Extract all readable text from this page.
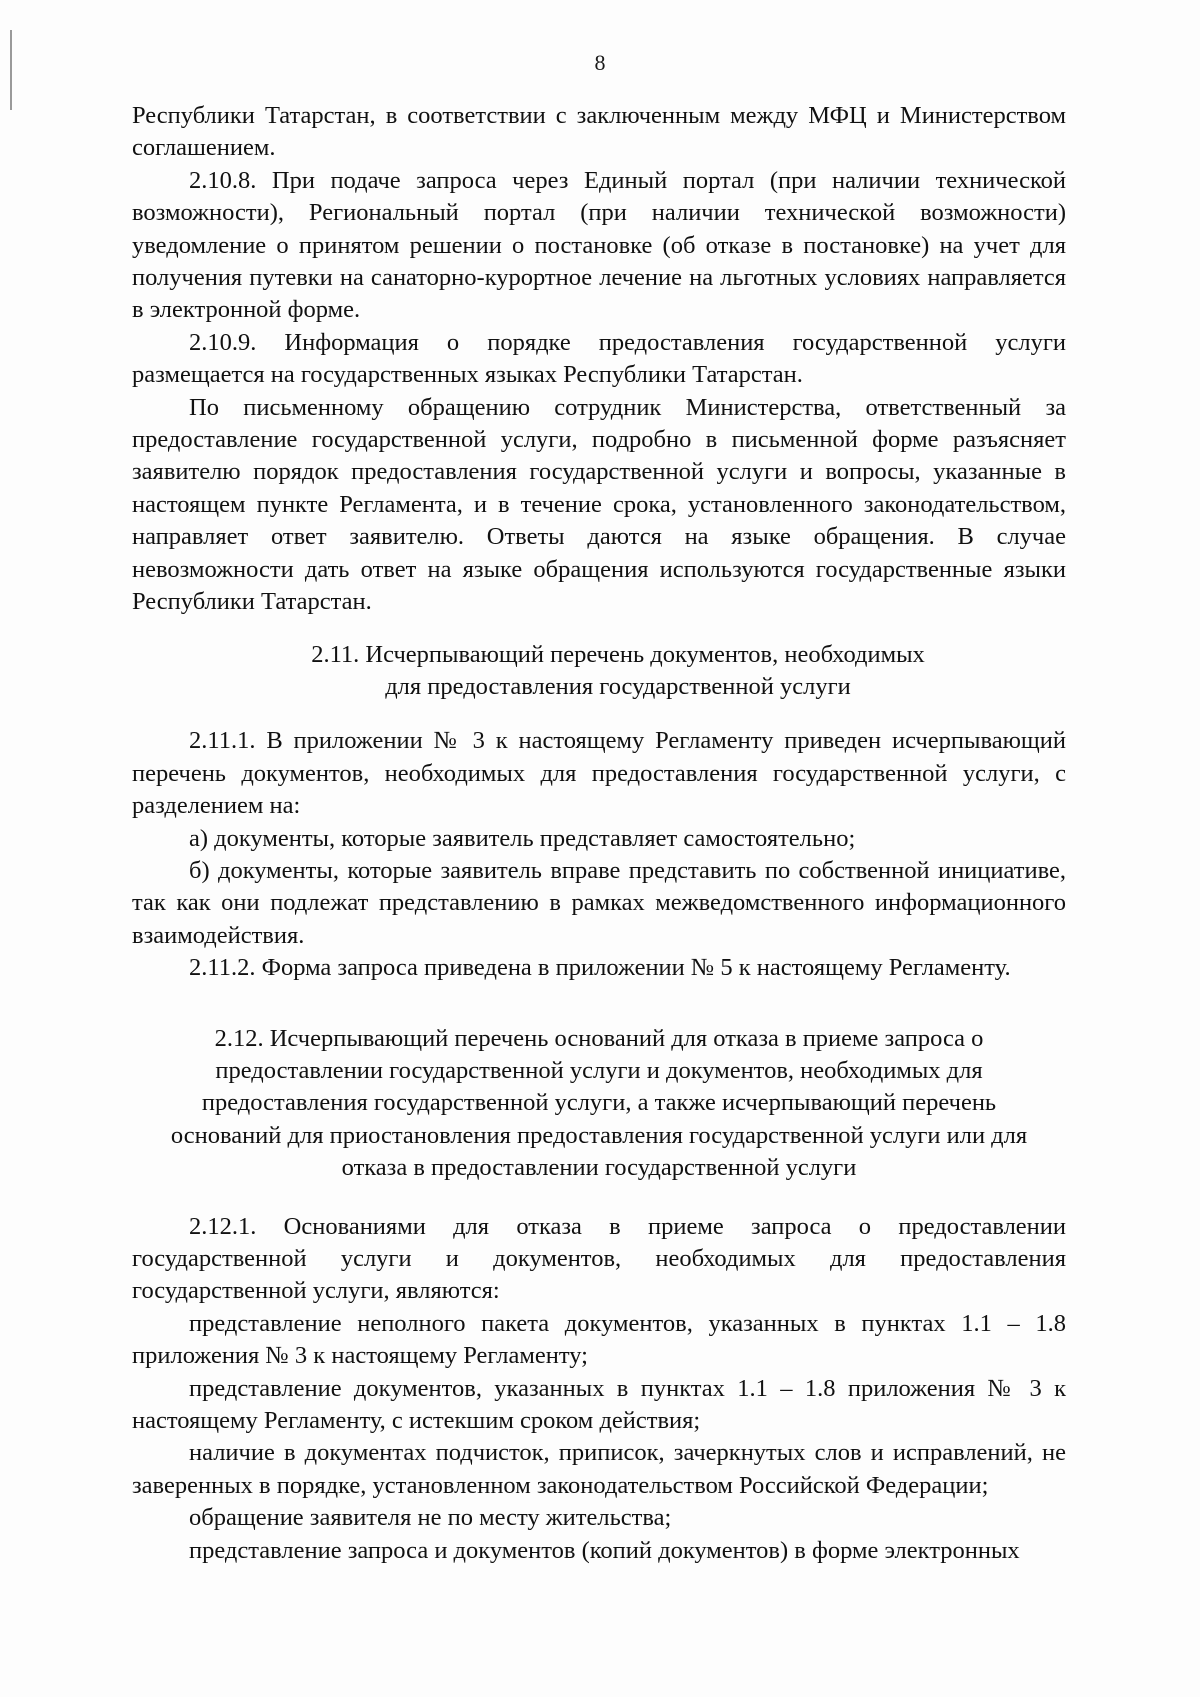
8

Республики Татарстан, в соответствии с заключенным между МФЦ и Министерством соглашением.

2.10.8. При подаче запроса через Единый портал (при наличии технической возможности), Региональный портал (при наличии технической возможности) уведомление о принятом решении о постановке (об отказе в постановке) на учет для получения путевки на санаторно-курортное лечение на льготных условиях направляется в электронной форме.

2.10.9. Информация о порядке предоставления государственной услуги размещается на государственных языках Республики Татарстан.

По письменному обращению сотрудник Министерства, ответственный за предоставление государственной услуги, подробно в письменной форме разъясняет заявителю порядок предоставления государственной услуги и вопросы, указанные в настоящем пункте Регламента, и в течение срока, установленного законодательством, направляет ответ заявителю. Ответы даются на языке обращения. В случае невозможности дать ответ на языке обращения используются государственные языки Республики Татарстан.

2.11. Исчерпывающий перечень документов, необходимых
для предоставления государственной услуги

2.11.1. В приложении № 3 к настоящему Регламенту приведен исчерпывающий перечень документов, необходимых для предоставления государственной услуги, с разделением на:

а) документы, которые заявитель представляет самостоятельно;

б) документы, которые заявитель вправе представить по собственной инициативе, так как они подлежат представлению в рамках межведомственного информационного взаимодействия.

2.11.2. Форма запроса приведена в приложении № 5 к настоящему Регламенту.

2.12. Исчерпывающий перечень оснований для отказа в приеме запроса о
предоставлении государственной услуги и документов, необходимых для
предоставления государственной услуги, а также исчерпывающий перечень
оснований для приостановления предоставления государственной услуги или для
отказа в предоставлении государственной услуги

2.12.1. Основаниями для отказа в приеме запроса о предоставлении государственной услуги и документов, необходимых для предоставления государственной услуги, являются:

представление неполного пакета документов, указанных в пунктах 1.1 – 1.8 приложения № 3 к настоящему Регламенту;

представление документов, указанных в пунктах 1.1 – 1.8 приложения № 3 к настоящему Регламенту, с истекшим сроком действия;

наличие в документах подчисток, приписок, зачеркнутых слов и исправлений, не заверенных в порядке, установленном законодательством Российской Федерации;

обращение заявителя не по месту жительства;

представление запроса и документов (копий документов) в форме электронных
